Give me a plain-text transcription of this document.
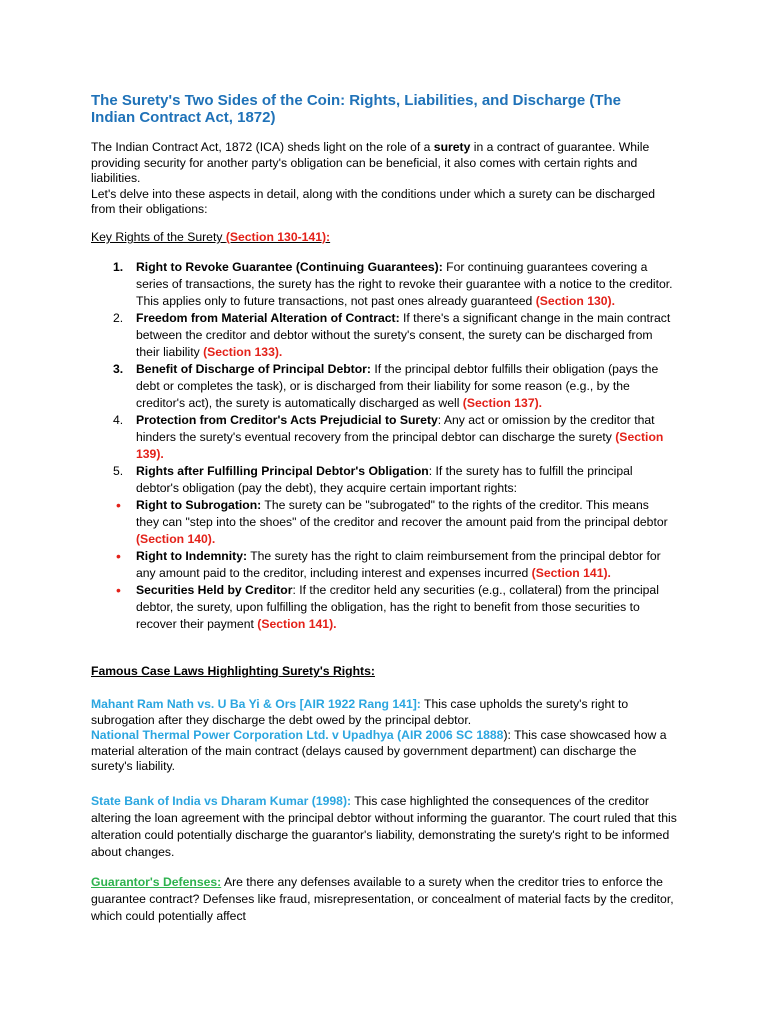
The Surety's Two Sides of the Coin: Rights, Liabilities, and Discharge (The Indian Contract Act, 1872)
The Indian Contract Act, 1872 (ICA) sheds light on the role of a surety in a contract of guarantee. While providing security for another party's obligation can be beneficial, it also comes with certain rights and liabilities.
Let's delve into these aspects in detail, along with the conditions under which a surety can be discharged from their obligations:
Key Rights of the Surety (Section 130-141):

1.	Right to Revoke Guarantee (Continuing Guarantees): For continuing guarantees covering a series of transactions, the surety has the right to revoke their guarantee with a notice to the creditor. This applies only to future transactions, not past ones already guaranteed (Section 130).

2.	Freedom from Material Alteration of Contract: If there's a significant change in the main contract between the creditor and debtor without the surety's consent, the surety can be discharged from their liability (Section 133).

3.	Benefit of Discharge of Principal Debtor: If the principal debtor fulfills their obligation (pays the debt or completes the task), or is discharged from their liability for some reason (e.g., by the creditor's act), the surety is automatically discharged as well (Section 137).

4.	Protection from Creditor's Acts Prejudicial to Surety: Any act or omission by the creditor that hinders the surety's eventual recovery from the principal debtor can discharge the surety (Section 139).

5.	Rights after Fulfilling Principal Debtor's Obligation: If the surety has to fulfill the principal debtor's obligation (pay the debt), they acquire certain important rights:

•	Right to Subrogation: The surety can be "subrogated" to the rights of the creditor. This means they can "step into the shoes" of the creditor and recover the amount paid from the principal debtor (Section 140).

•	Right to Indemnity: The surety has the right to claim reimbursement from the principal debtor for any amount paid to the creditor, including interest and expenses incurred (Section 141).

•	Securities Held by Creditor: If the creditor held any securities (e.g., collateral) from the principal debtor, the surety, upon fulfilling the obligation, has the right to benefit from those securities to recover their payment (Section 141).

Famous Case Laws Highlighting Surety's Rights:
Mahant Ram Nath vs. U Ba Yi & Ors [AIR 1922 Rang 141]: This case upholds the surety's right to subrogation after they discharge the debt owed by the principal debtor.
National Thermal Power Corporation Ltd. v Upadhya (AIR 2006 SC 1888): This case showcased how a material alteration of the main contract (delays caused by government department) can discharge the surety's liability.
State Bank of India vs Dharam Kumar (1998): This case highlighted the consequences of the creditor altering the loan agreement with the principal debtor without informing the guarantor. The court ruled that this alteration could potentially discharge the guarantor's liability, demonstrating the surety's right to be informed about changes.
Guarantor's Defenses: Are there any defenses available to a surety when the creditor tries to enforce the guarantee contract? Defenses like fraud, misrepresentation, or concealment of material facts by the creditor, which could potentially affect
